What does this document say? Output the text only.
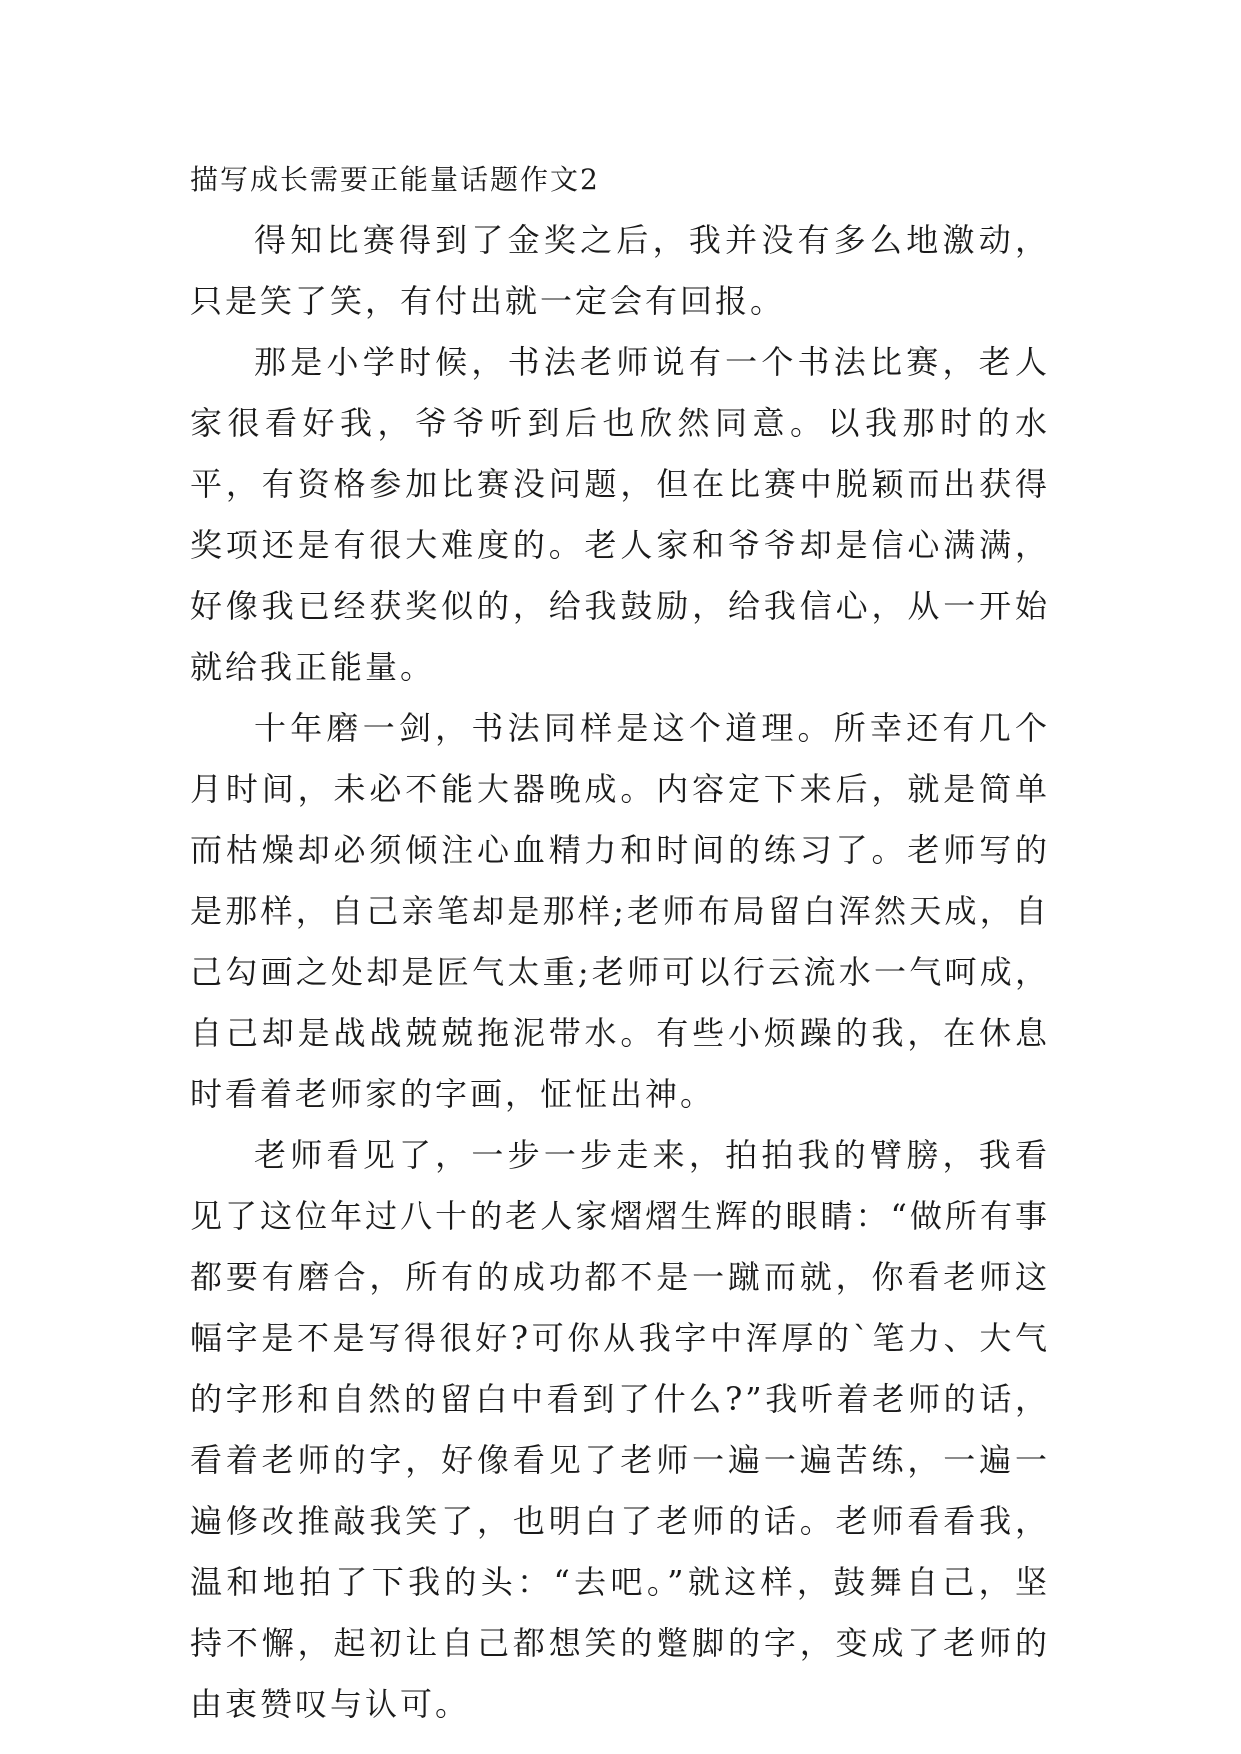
描写成长需要正能量话题作文2

得知比赛得到了金奖之后，我并没有多么地激动，只是笑了笑，有付出就一定会有回报。

那是小学时候，书法老师说有一个书法比赛，老人家很看好我，爷爷听到后也欣然同意。以我那时的水平，有资格参加比赛没问题，但在比赛中脱颖而出获得奖项还是有很大难度的。老人家和爷爷却是信心满满，好像我已经获奖似的，给我鼓励，给我信心，从一开始就给我正能量。

十年磨一剑，书法同样是这个道理。所幸还有几个月时间，未必不能大器晚成。内容定下来后，就是简单而枯燥却必须倾注心血精力和时间的练习了。老师写的是那样，自己亲笔却是那样;老师布局留白浑然天成，自己勾画之处却是匠气太重;老师可以行云流水一气呵成，自己却是战战兢兢拖泥带水。有些小烦躁的我，在休息时看着老师家的字画，怔怔出神。

老师看见了，一步一步走来，拍拍我的臂膀，我看见了这位年过八十的老人家熠熠生辉的眼睛：“做所有事都要有磨合，所有的成功都不是一蹴而就，你看老师这幅字是不是写得很好?可你从我字中浑厚的`笔力、大气的字形和自然的留白中看到了什么?”我听着老师的话，看着老师的字，好像看见了老师一遍一遍苦练，一遍一遍修改推敲我笑了，也明白了老师的话。老师看看我，温和地拍了下我的头：“去吧。”就这样，鼓舞自己，坚持不懈，起初让自己都想笑的蹩脚的字，变成了老师的由衷赞叹与认可。
